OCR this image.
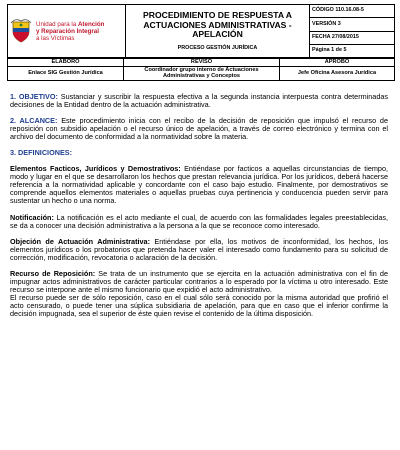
Unidad para la Atención
y Reparación Integral
a las Víctimas

PROCEDIMIENTO DE RESPUESTA A ACTUACIONES ADMINISTRATIVAS - APELACIÓN
PROCESO GESTIÓN JURÍDICA

CÓDIGO 110.16.08-5

VERSIÓN 3

FECHA 27/08/2015

Página 1 de 5
ELABORÓ	REVISÓ	APROBÓ
Enlace SIG Gestión Jurídica	Coordinador grupo interno de Actuaciones Administrativas y Conceptos	Jefe Oficina Asesora Jurídica

1. OBJETIVO: Sustanciar y suscribir la respuesta efectiva a la segunda instancia interpuesta contra determinadas decisiones de la Entidad dentro de la actuación administrativa.

2. ALCANCE: Este procedimiento inicia con el recibo de la decisión de reposición que impulsó el recurso de reposición con subsidio apelación o el recurso único de apelación, a través de correo electrónico y termina con el archivo del documento de conformidad a la normatividad sobre la materia.

3. DEFINICIONES:

Elementos Facticos, Jurídicos y Demostrativos: Entiéndase por facticos a aquellas circunstancias de tiempo, modo y lugar en el que se desarrollaron los hechos que prestan relevancia jurídica. Por los jurídicos, deberá hacerse referencia a la normatividad aplicable y concordante con el caso bajo estudio. Finalmente, por demostrativos se comprende aquellos elementos materiales o aquellas pruebas cuya pertinencia y conducencia pueden servir para sustentar un hecho o una norma.

Notificación: La notificación es el acto mediante el cual, de acuerdo con las formalidades legales preestablecidas, se da a conocer una decisión administrativa a la persona a la que se reconoce como interesado.

Objeción de Actuación Administrativa: Entiéndase por ella, los motivos de inconformidad, los hechos, los elementos jurídicos o los probatorios que pretenda hacer valer el interesado como fundamento para su solicitud de corrección, modificación, revocatoria o aclaración de la decisión.

Recurso de Reposición: Se trata de un instrumento que se ejercita en la actuación administrativa con el fin de impugnar actos administrativos de carácter particular contrarios a lo esperado por la víctima u otro interesado. Este recurso se interpone ante el mismo funcionario que expidió el acto administrativo.

El recurso puede ser de sólo reposición, caso en el cual sólo será conocido por la misma autoridad que profirió el acto censurado, o puede tener una súplica subsidiaria de apelación, para que en caso que el inferior confirme la decisión impugnada, sea el superior de éste quien revise el contenido de la última disposición.
